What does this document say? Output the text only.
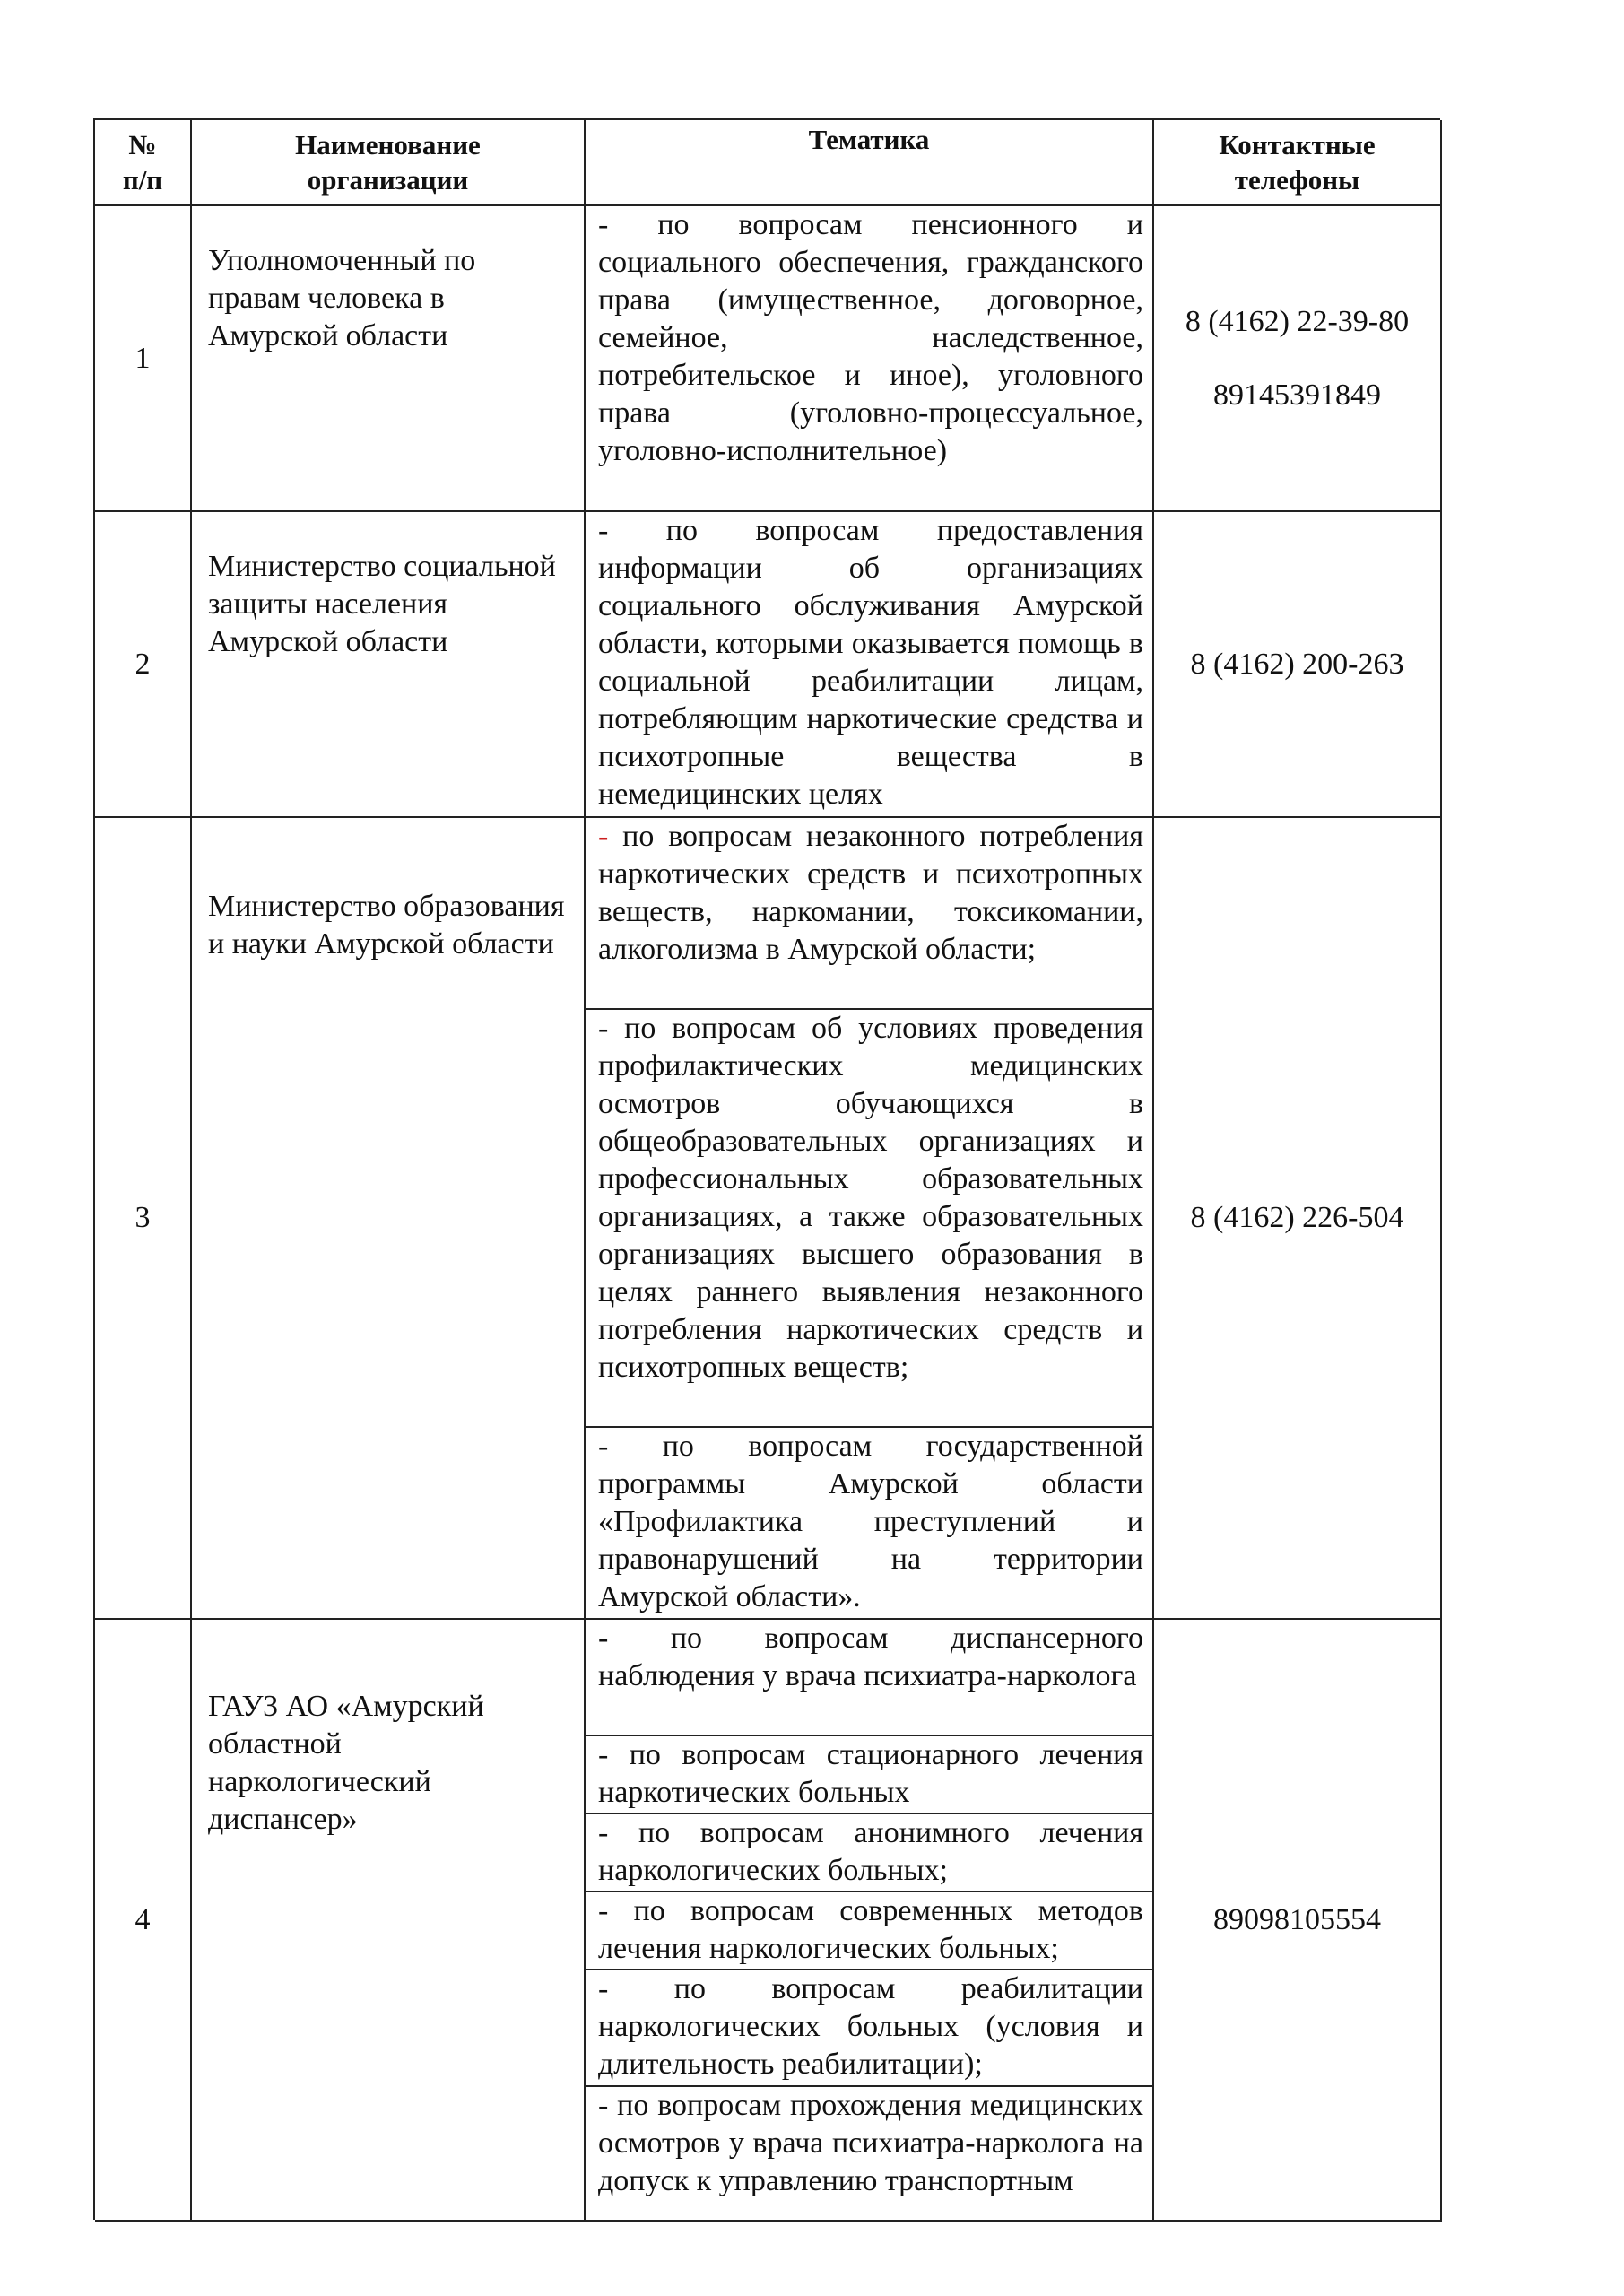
№
п/п
Наименование
организации
Тематика	Контактные
телефоны
1
Уполномоченный по правам человека в Амурской области
- по вопросам пенсионного и социального обеспечения, гражданского права (имущественное, договорное, семейное, наследственное, потребительское и иное), уголовного права (уголовно-процессуальное, уголовно-исполнительное)
8 (4162) 22-39-80
89145391849
2
Министерство социальной защиты населения Амурской области
- по вопросам предоставления информации об организациях социального обслуживания Амурской области, которыми оказывается помощь в социальной реабилитации лицам, потребляющим наркотические средства и психотропные вещества в немедицинских целях
8 (4162) 200-263
3
Министерство образования и науки Амурской области
- по вопросам незаконного потребления наркотических средств и психотропных веществ, наркомании, токсикомании, алкоголизма в Амурской области;
- по вопросам об условиях проведения профилактических медицинских осмотров обучающихся в общеобразовательных организациях и профессиональных образовательных организациях, а также образовательных организациях высшего образования в целях раннего выявления незаконного потребления наркотических средств и психотропных веществ;
- по вопросам государственной программы Амурской области «Профилактика преступлений и правонарушений на территории Амурской области».
8 (4162) 226-504
4
ГАУЗ АО «Амурский областной наркологический диспансер»
- по вопросам диспансерного наблюдения у врача психиатра-нарколога
- по вопросам стационарного лечения наркотических больных
- по вопросам анонимного лечения наркологических больных;
- по вопросам современных методов лечения наркологических больных;
- по вопросам реабилитации наркологических больных (условия и длительность реабилитации);
- по вопросам прохождения медицинских осмотров у врача психиатра-нарколога на допуск к управлению транспортным
89098105554
